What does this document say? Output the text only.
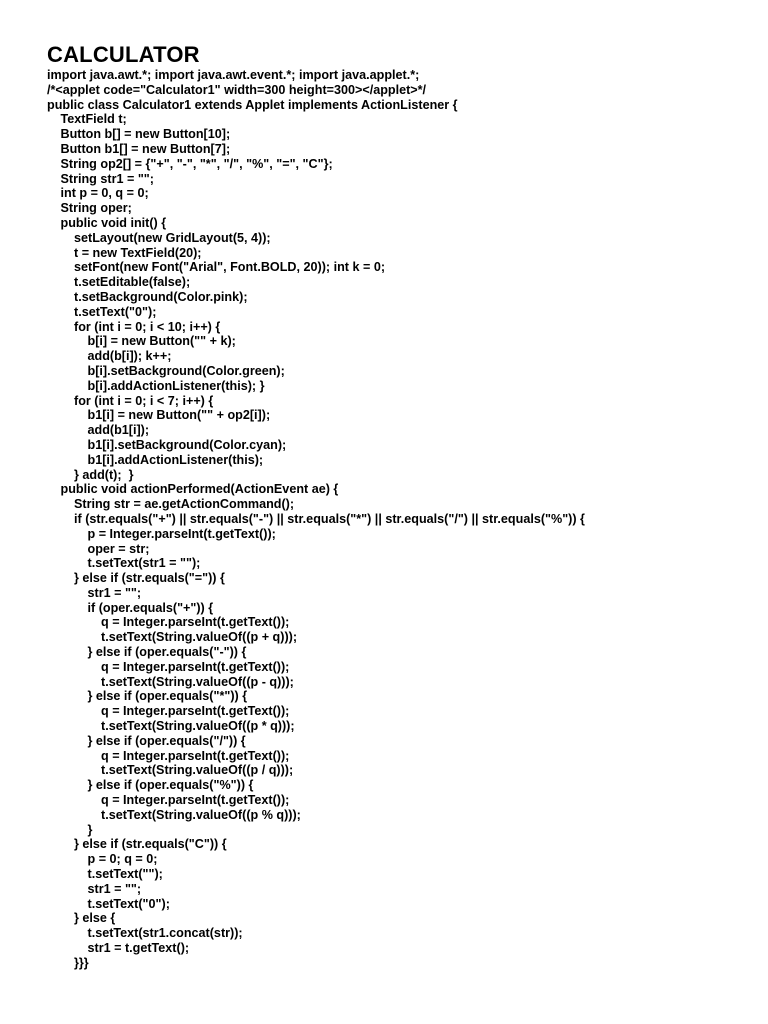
CALCULATOR
import java.awt.*; import java.awt.event.*; import java.applet.*;
/*<applet code="Calculator1" width=300 height=300></applet>*/
public class Calculator1 extends Applet implements ActionListener {
TextField t;
Button b[] = new Button[10];
Button b1[] = new Button[7];
String op2[] = {"+", "-", "*", "/", "%", "=", "C"};
String str1 = "";
int p = 0, q = 0;
String oper;
public void init() {
setLayout(new GridLayout(5, 4));
t = new TextField(20);
setFont(new Font("Arial", Font.BOLD, 20)); int k = 0;
t.setEditable(false);
t.setBackground(Color.pink);
t.setText("0");
for (int i = 0; i < 10; i++) {
b[i] = new Button("" + k);
add(b[i]); k++;
b[i].setBackground(Color.green);
b[i].addActionListener(this); }
for (int i = 0; i < 7; i++) {
b1[i] = new Button("" + op2[i]);
add(b1[i]);
b1[i].setBackground(Color.cyan);
b1[i].addActionListener(this);
} add(t);  }
public void actionPerformed(ActionEvent ae) {
String str = ae.getActionCommand();
if (str.equals("+") || str.equals("-") || str.equals("*") || str.equals("/") || str.equals("%")) {
p = Integer.parseInt(t.getText());
oper = str;
t.setText(str1 = "");
} else if (str.equals("=")) {
str1 = "";
if (oper.equals("+")) {
q = Integer.parseInt(t.getText());
t.setText(String.valueOf((p + q)));
} else if (oper.equals("-")) {
q = Integer.parseInt(t.getText());
t.setText(String.valueOf((p - q)));
} else if (oper.equals("*")) {
q = Integer.parseInt(t.getText());
t.setText(String.valueOf((p * q)));
} else if (oper.equals("/")) {
q = Integer.parseInt(t.getText());
t.setText(String.valueOf((p / q)));
} else if (oper.equals("%")) {
q = Integer.parseInt(t.getText());
t.setText(String.valueOf((p % q)));
}
} else if (str.equals("C")) {
p = 0; q = 0;
t.setText("");
str1 = "";
t.setText("0");
} else {
t.setText(str1.concat(str));
str1 = t.getText();
}}}
